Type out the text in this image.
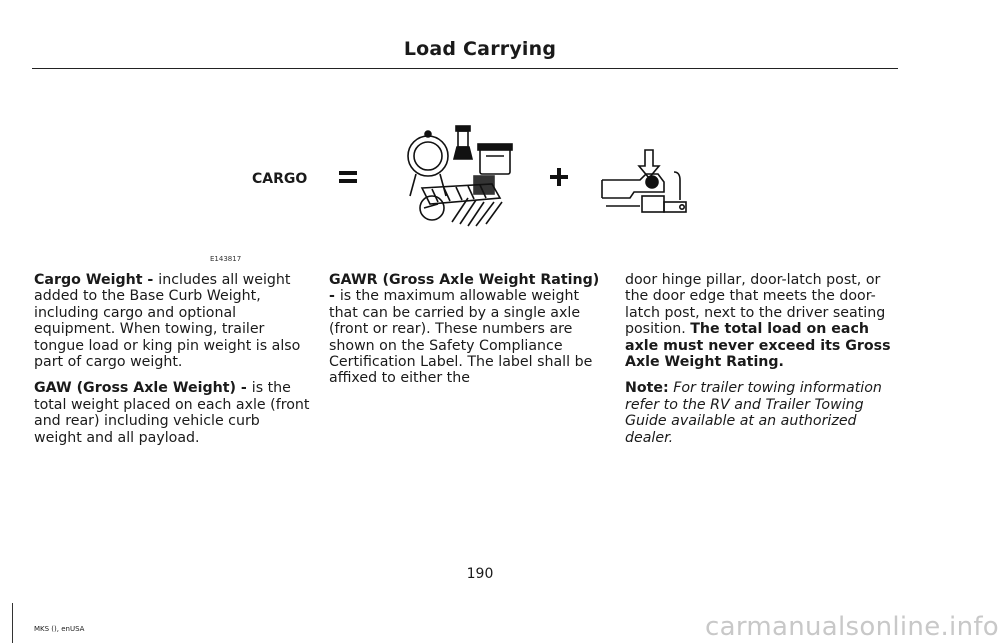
Load Carrying
CARGO
E143817

Cargo Weight - includes all weight added to the Base Curb Weight, including cargo and optional equipment. When towing, trailer tongue load or king pin weight is also part of cargo weight.

GAW (Gross Axle Weight) - is the total weight placed on each axle (front and rear) including vehicle curb weight and all payload.

GAWR (Gross Axle Weight Rating) - is the maximum allowable weight that can be carried by a single axle (front or rear). These numbers are shown on the Safety Compliance Certification Label. The label shall be affixed to either the

door hinge pillar, door-latch post, or the door edge that meets the door-latch post, next to the driver seating position. The total load on each axle must never exceed its Gross Axle Weight Rating.

Note: For trailer towing information refer to the RV and Trailer Towing Guide available at an authorized dealer.

190
MKS (), enUSA	carmanualsonline.info
